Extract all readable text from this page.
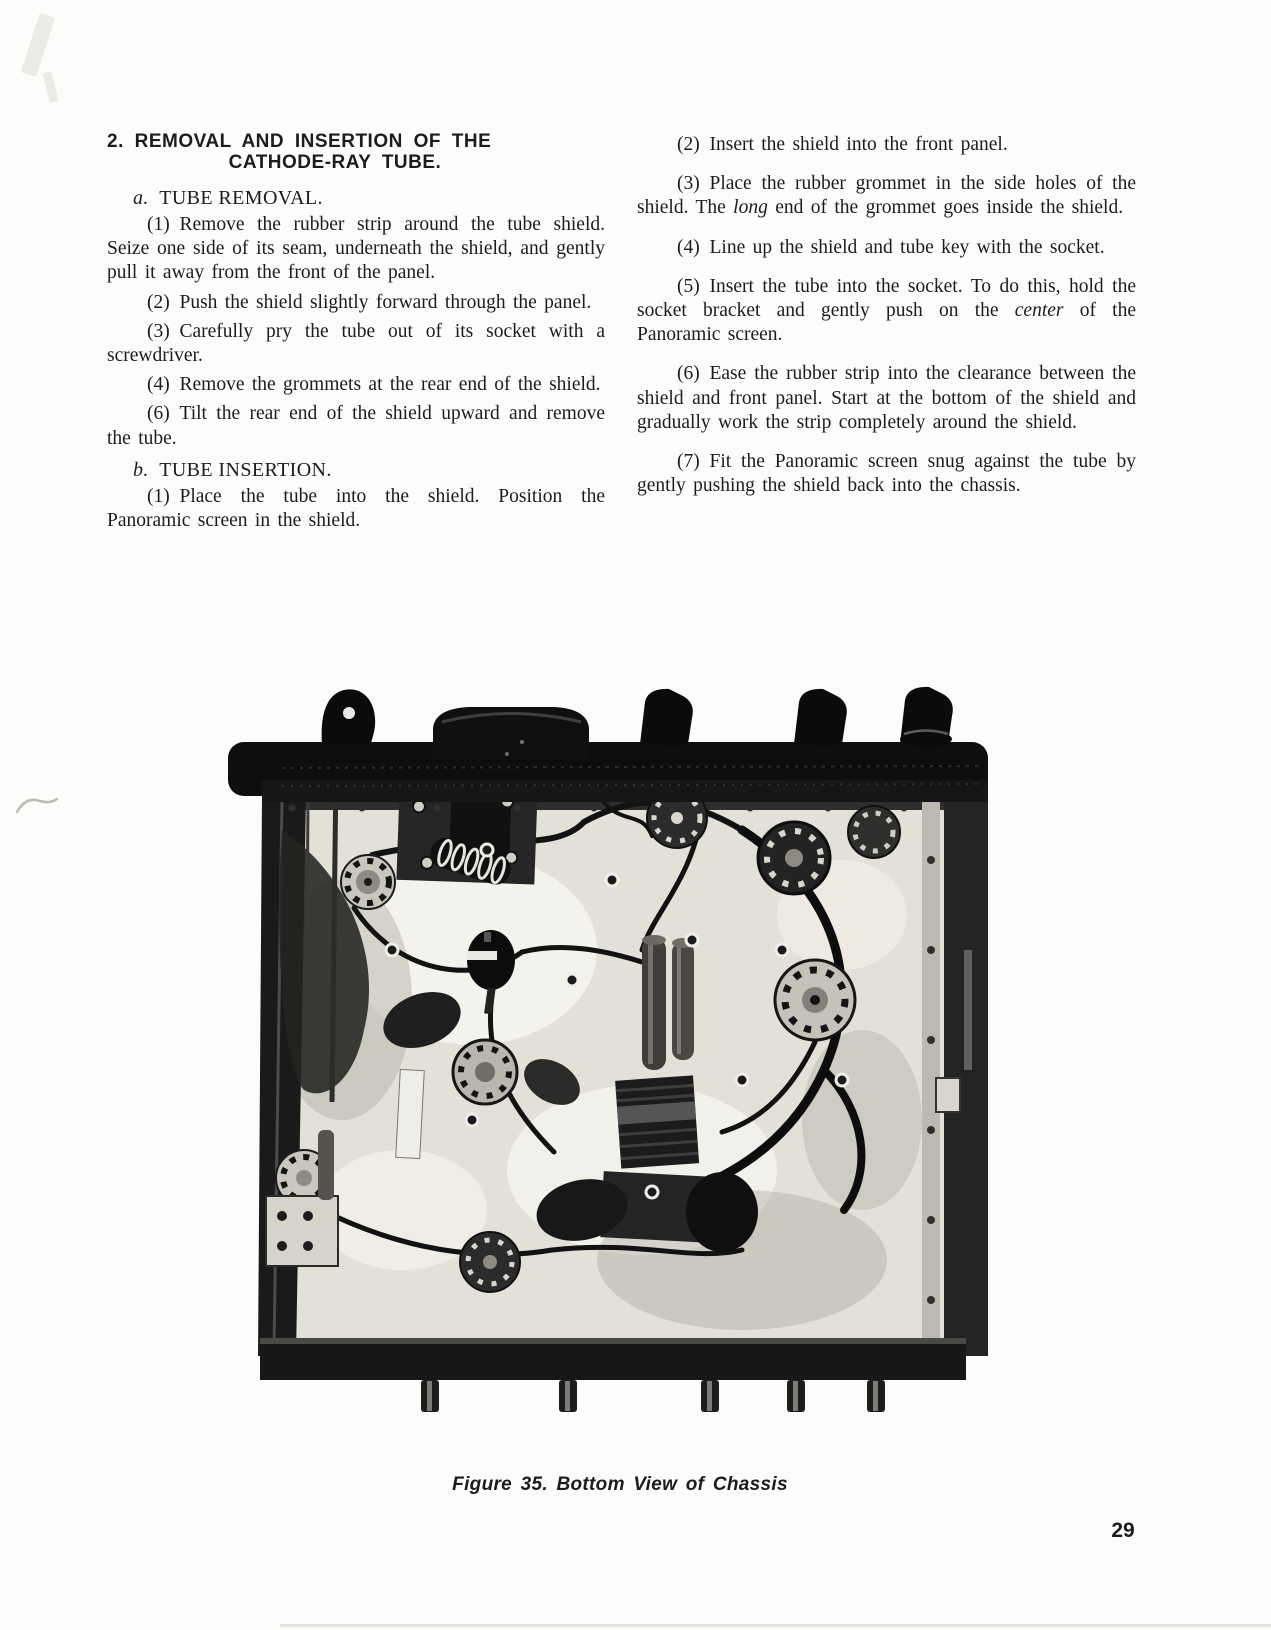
2. REMOVAL AND INSERTION OF THE
CATHODE-RAY TUBE.

a. TUBE REMOVAL.

(1) Remove the rubber strip around the tube shield. Seize one side of its seam, underneath the shield, and gently pull it away from the front of the panel.

(2) Push the shield slightly forward through the panel.

(3) Carefully pry the tube out of its socket with a screwdriver.

(4) Remove the grommets at the rear end of the shield.

(6) Tilt the rear end of the shield upward and remove the tube.

b. TUBE INSERTION.

(1) Place the tube into the shield. Position the Panoramic screen in the shield.

(2) Insert the shield into the front panel.

(3) Place the rubber grommet in the side holes of the shield. The long end of the grommet goes inside the shield.

(4) Line up the shield and tube key with the socket.

(5) Insert the tube into the socket. To do this, hold the socket bracket and gently push on the center of the Panoramic screen.

(6) Ease the rubber strip into the clearance between the shield and front panel. Start at the bottom of the shield and gradually work the strip completely around the shield.

(7) Fit the Panoramic screen snug against the tube by gently pushing the shield back into the chassis.

Figure 35. Bottom View of Chassis
29
